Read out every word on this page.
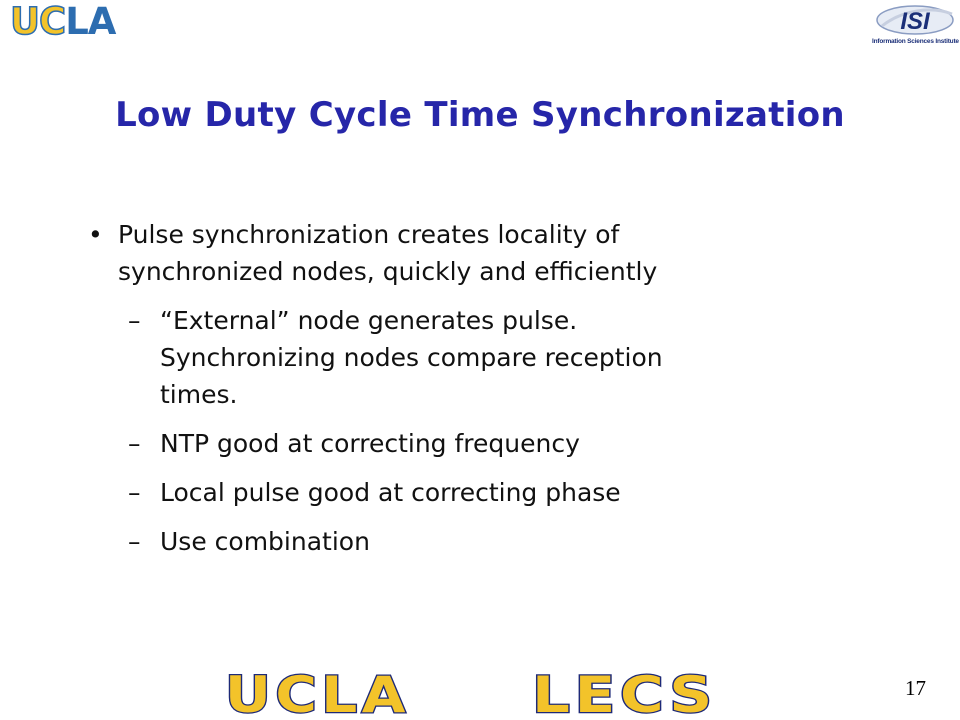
UCLA	ISI
Information Sciences Institute
Low Duty Cycle Time Synchronization
• Pulse synchronization creates locality of
synchronized nodes, quickly and efficiently
– “External” node generates pulse.
Synchronizing nodes compare reception
times.
– NTP good at correcting frequency
– Local pulse good at correcting phase
– Use combination
UCLA LECS	17
